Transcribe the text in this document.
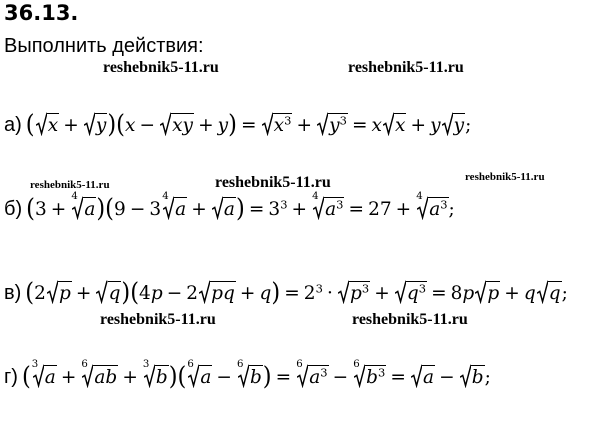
36.13.
Выполнить действия:
reshebnik5-11.ru	reshebnik5-11.ru
reshebnik5-11.ru	reshebnik5-11.ru	reshebnik5-11.ru
reshebnik5-11.ru	reshebnik5-11.ru
а) ( x + y ) ( x − xy + y ) = $x^3 + y^3 = x$ x + y y ;
б) ( 3 +
4
a ) ( 9 − 3
4
a + a ) = $3^3$ +
4
$a^3 = 27$ +
4
$a^3$ ;
в) ( 2 p + q ) ( 4 p − 2 pq + q ) = $2^3 \cdot p^3 + q^3 = 8$ p p + q q ;
г) ( 3
a +
6
ab +
3
b ) ( 6
a −
6
b ) =
6
$a^3$ −
6
$b^3 = a - b$ ;
